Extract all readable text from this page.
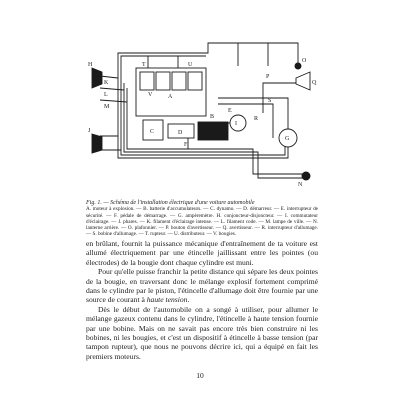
H
A
B
C	D
E
F
G
I
J
K
L
M
N
O
P
Q
R
S
T	U
V
Fig. 1. — Schéma de l'installation électrique d'une voiture automobile
A. moteur à explosion. — B. batterie d'accumulateurs. — C. dynamo. — D. démarreur. — E. interrupteur de sécurité. — F. pédale de démarrage. — G. ampèremètre. H. conjoncteur-disjoncteur. — I. commutateur d'éclairage. — J. phares. — K. filament d'éclairage intense. — L. filament code. — M. lampe de ville. — N. lanterne arrière. — O. plafonnier. — P. bouton d'avertisseur. — Q. avertisseur. — R. interrupteur d'allumage. — S. bobine d'allumage. — T. rupteur. — U. distributeur. — V. bougies.

en brûlant, fournit la puissance mécanique d'entraînement de ta voiture est allumé électriquement par une étincelle jaillissant entre les pointes (ou électrodes) de la bougie dont chaque cylindre est muni.

Pour qu'elle puisse franchir la petite distance qui sépare les deux pointes de la bougie, en traversant donc le mélange explosif fortement comprimé dans le cylindre par le piston, l'étincelle d'allumage doit être fournie par une source de courant à haute tension.

Dès le début de l'automobile on a songé à utiliser, pour allumer le mélange gazeux contenu dans le cylindre, l'étincelle à haute tension fournie par une bobine. Mais on ne savait pas encore très bien construire ni les bobines, ni les bougies, et c'est un dispositif à étincelle à basse tension (par tampon rupteur), que nous ne pouvons décrire ici, qui a équipé en fait les premiers moteurs.

10
